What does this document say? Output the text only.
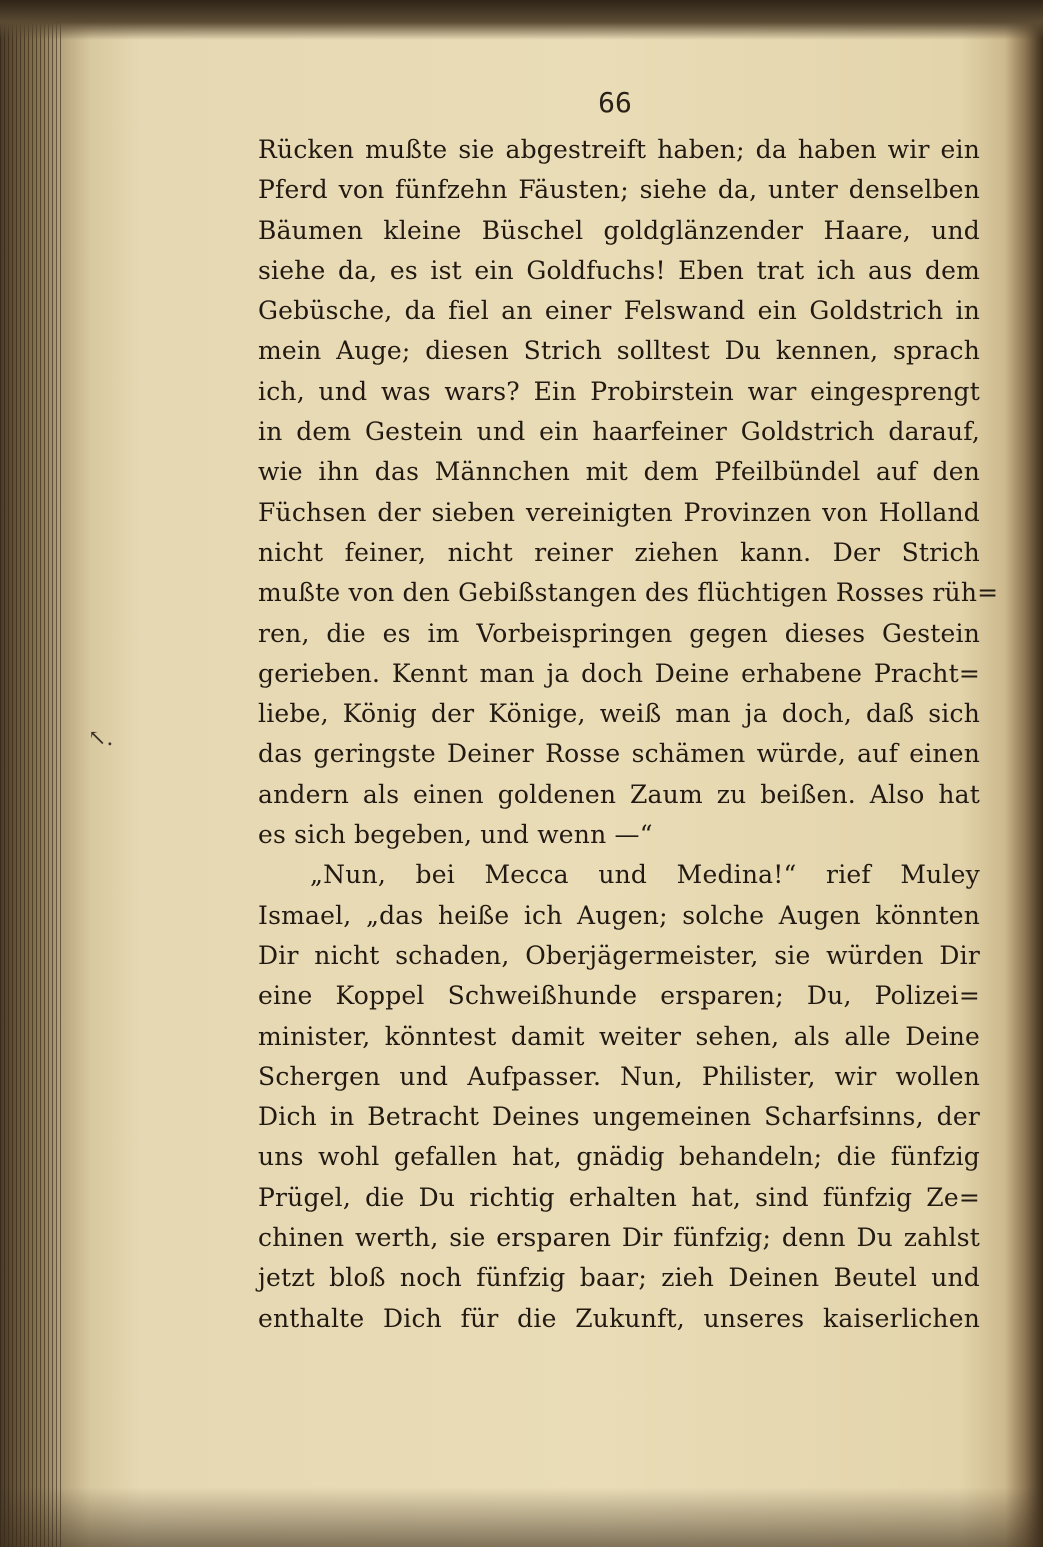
66
↖.
Rücken mußte sie abgestreift haben; da haben wir ein
Pferd von fünfzehn Fäusten; siehe da, unter denselben
Bäumen kleine Büschel goldglänzender Haare, und
siehe da, es ist ein Goldfuchs! Eben trat ich aus dem
Gebüsche, da fiel an einer Felswand ein Goldstrich in
mein Auge; diesen Strich solltest Du kennen, sprach
ich, und was wars? Ein Probirstein war eingesprengt
in dem Gestein und ein haarfeiner Goldstrich darauf,
wie ihn das Männchen mit dem Pfeilbündel auf den
Füchsen der sieben vereinigten Provinzen von Holland
nicht feiner, nicht reiner ziehen kann. Der Strich
mußte von den Gebißstangen des flüchtigen Rosses rüh=
ren, die es im Vorbeispringen gegen dieses Gestein
gerieben. Kennt man ja doch Deine erhabene Pracht=
liebe, König der Könige, weiß man ja doch, daß sich
das geringste Deiner Rosse schämen würde, auf einen
andern als einen goldenen Zaum zu beißen. Also hat
es sich begeben, und wenn —“
„Nun, bei Mecca und Medina!“ rief Muley
Ismael, „das heiße ich Augen; solche Augen könnten
Dir nicht schaden, Oberjägermeister, sie würden Dir
eine Koppel Schweißhunde ersparen; Du, Polizei=
minister, könntest damit weiter sehen, als alle Deine
Schergen und Aufpasser. Nun, Philister, wir wollen
Dich in Betracht Deines ungemeinen Scharfsinns, der
uns wohl gefallen hat, gnädig behandeln; die fünfzig
Prügel, die Du richtig erhalten hat, sind fünfzig Ze=
chinen werth, sie ersparen Dir fünfzig; denn Du zahlst
jetzt bloß noch fünfzig baar; zieh Deinen Beutel und
enthalte Dich für die Zukunft, unseres kaiserlichen
